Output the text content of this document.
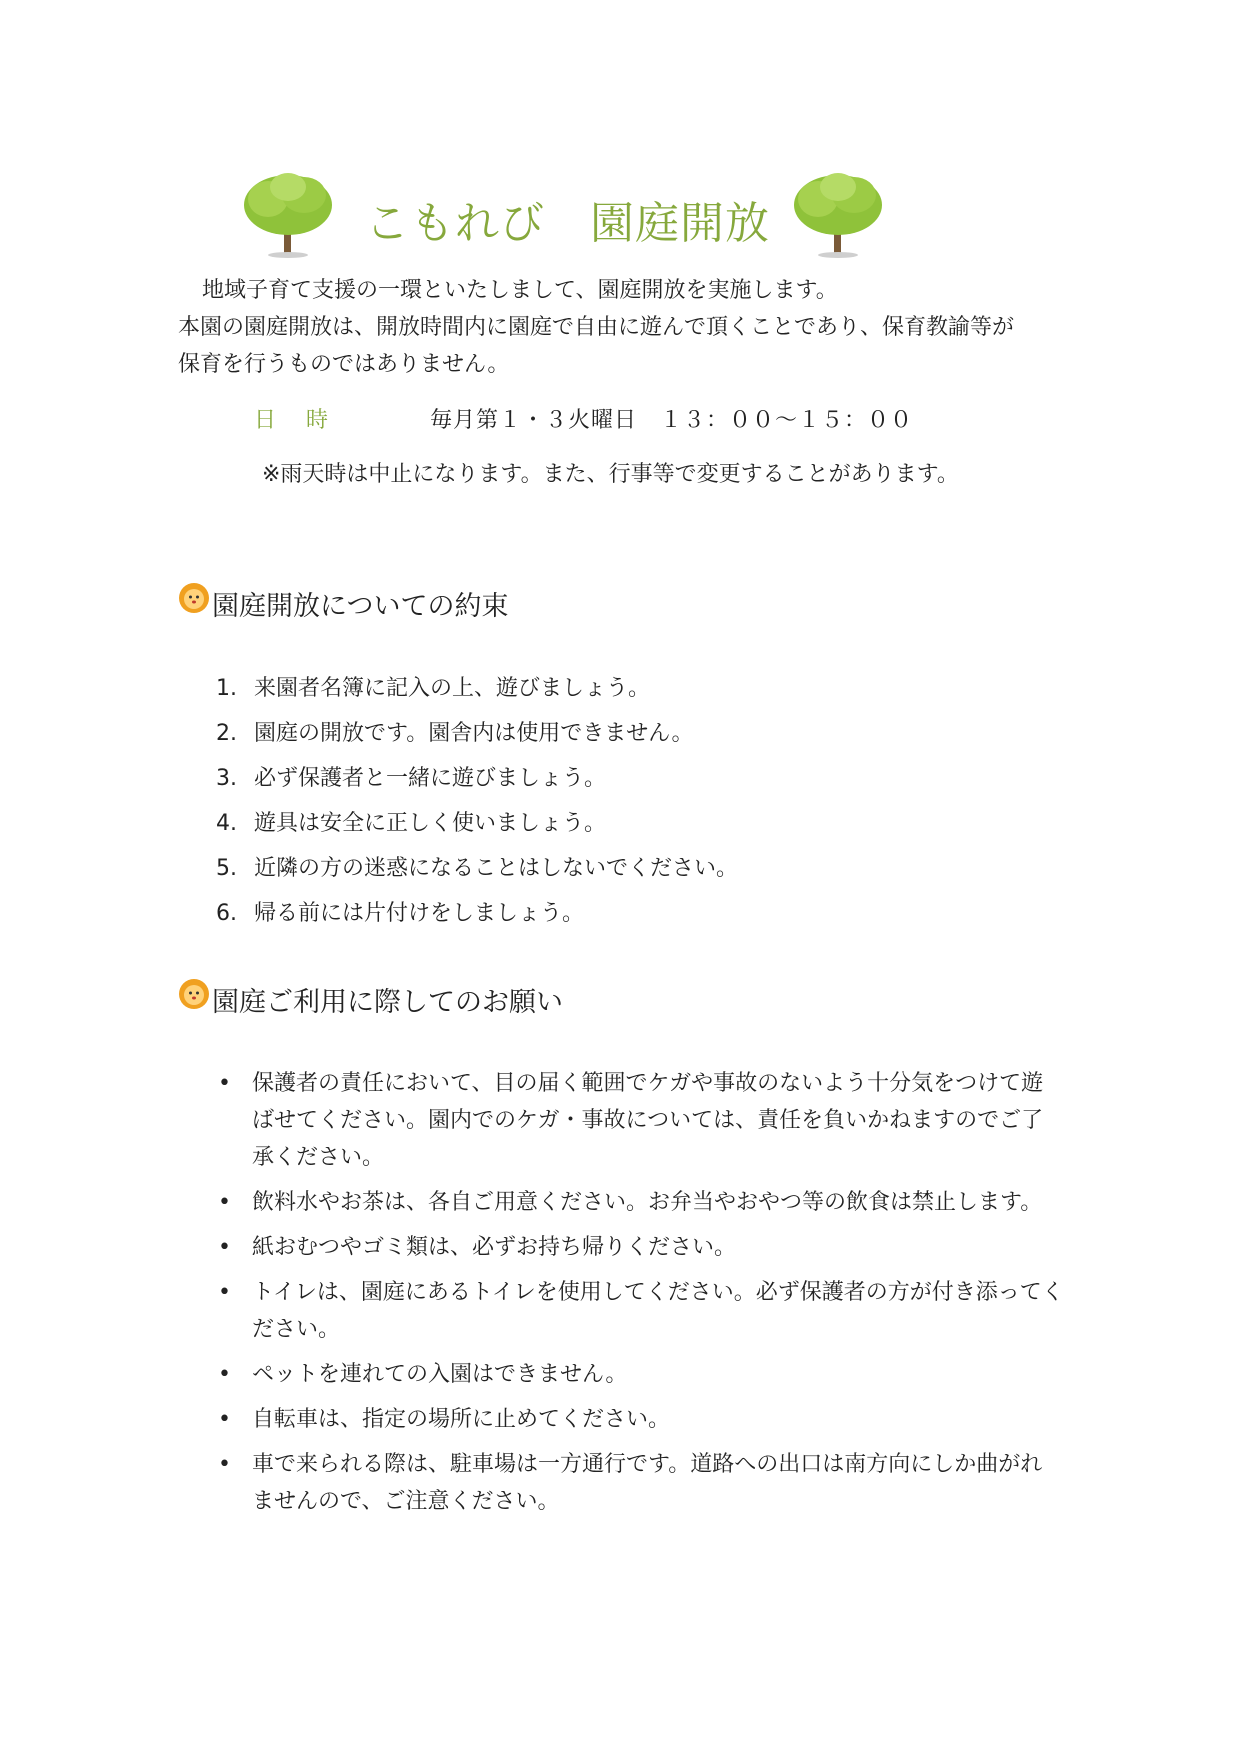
こもれび　園庭開放

地域子育て支援の一環といたしまして、園庭開放を実施します。

本園の園庭開放は、開放時間内に園庭で自由に遊んで頂くことであり、保育教諭等が

保育を行うものではありません。

日　時	毎月第１・３火曜日　１３：００～１５：００
※雨天時は中止になります。また、行事等で変更することがあります。
園庭開放についての約束
1. 来園者名簿に記入の上、遊びましょう。
2. 園庭の開放です。園舎内は使用できません。
3. 必ず保護者と一緒に遊びましょう。
4. 遊具は安全に正しく使いましょう。
5. 近隣の方の迷惑になることはしないでください。
6. 帰る前には片付けをしましょう。
園庭ご利用に際してのお願い
• 保護者の責任において、目の届く範囲でケガや事故のないよう十分気をつけて遊ばせてください。園内でのケガ・事故については、責任を負いかねますのでご了承ください。
• 飲料水やお茶は、各自ご用意ください。お弁当やおやつ等の飲食は禁止します。
• 紙おむつやゴミ類は、必ずお持ち帰りください。
• トイレは、園庭にあるトイレを使用してください。必ず保護者の方が付き添ってください。
• ペットを連れての入園はできません。
• 自転車は、指定の場所に止めてください。
• 車で来られる際は、駐車場は一方通行です。道路への出口は南方向にしか曲がれませんので、ご注意ください。
